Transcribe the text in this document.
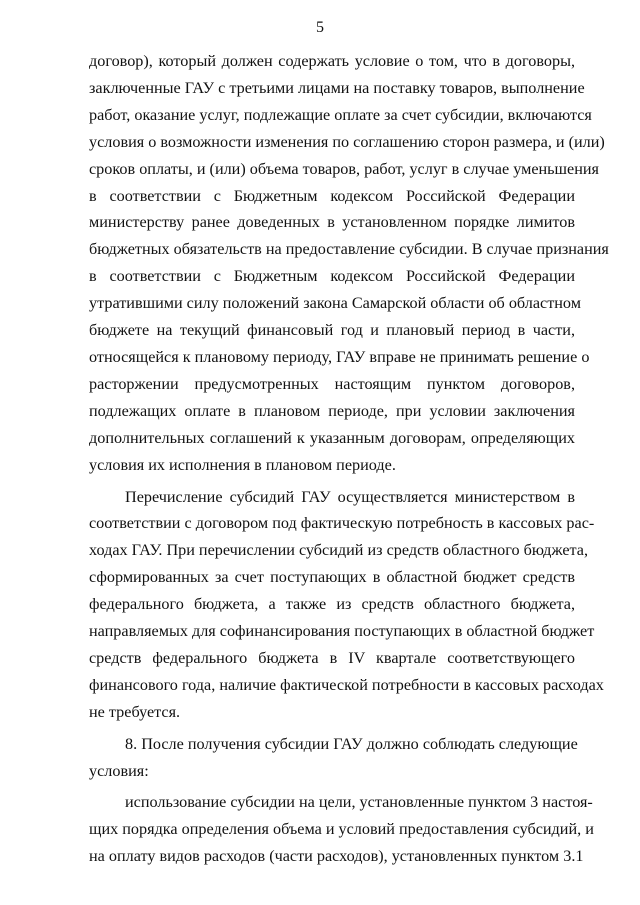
5

договор), который должен содержать условие о том, что в договоры,
заключенные ГАУ с третьими лицами на поставку товаров, выполнение
работ, оказание услуг, подлежащие оплате за счет субсидии, включаются
условия о возможности изменения по соглашению сторон размера, и (или)
сроков оплаты, и (или) объема товаров, работ, услуг в случае уменьшения
в соответствии с Бюджетным кодексом Российской Федерации
министерству ранее доведенных в установленном порядке лимитов
бюджетных обязательств на предоставление субсидии. В случае признания
в соответствии с Бюджетным кодексом Российской Федерации
утратившими силу положений закона Самарской области об областном
бюджете на текущий финансовый год и плановый период в части,
относящейся к плановому периоду, ГАУ вправе не принимать решение о
расторжении предусмотренных настоящим пунктом договоров,
подлежащих оплате в плановом периоде, при условии заключения
дополнительных соглашений к указанным договорам, определяющих
условия их исполнения в плановом периоде.

Перечисление субсидий ГАУ осуществляется министерством в
соответствии с договором под фактическую потребность в кассовых рас-
ходах ГАУ. При перечислении субсидий из средств областного бюджета,
сформированных за счет поступающих в областной бюджет средств
федерального бюджета, а также из средств областного бюджета,
направляемых для софинансирования поступающих в областной бюджет
средств федерального бюджета в IV квартале соответствующего
финансового года, наличие фактической потребности в кассовых расходах
не требуется.

8. После получения субсидии ГАУ должно соблюдать следующие
условия:

использование субсидии на цели, установленные пунктом 3 настоя-
щих порядка определения объема и условий предоставления субсидий, и
на оплату видов расходов (части расходов), установленных пунктом 3.1
